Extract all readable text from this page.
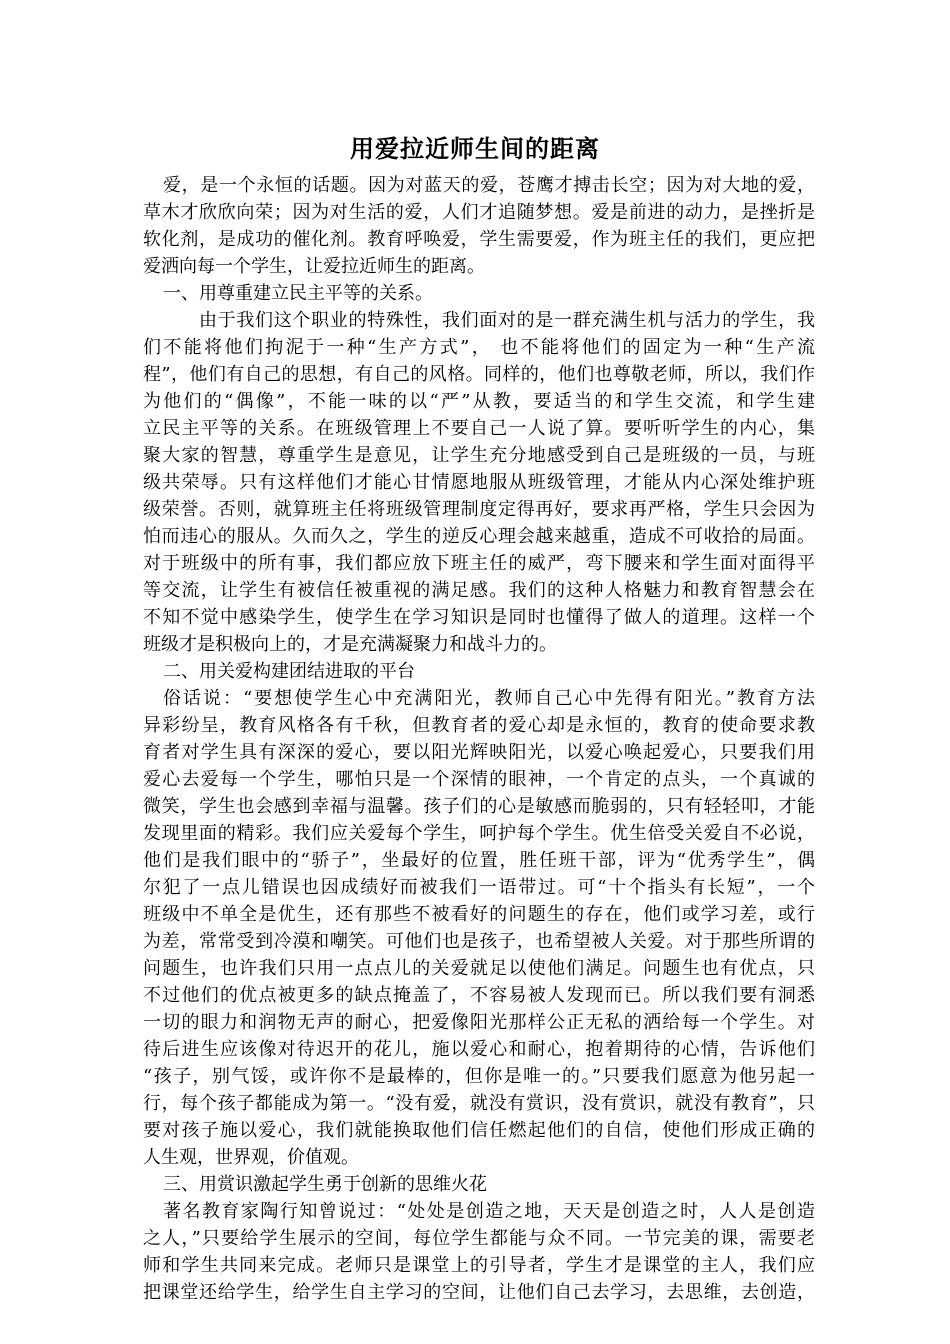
用爱拉近师生间的距离
爱，是一个永恒的话题。因为对蓝天的爱，苍鹰才搏击长空；因为对大地的爱，
草木才欣欣向荣；因为对生活的爱，人们才追随梦想。爱是前进的动力，是挫折是
软化剂，是成功的催化剂。教育呼唤爱，学生需要爱，作为班主任的我们，更应把
爱洒向每一个学生，让爱拉近师生的距离。
一、用尊重建立民主平等的关系。
由于我们这个职业的特殊性，我们面对的是一群充满生机与活力的学生，我
们不能将他们拘泥于一种“生产方式”， 也不能将他们的固定为一种“生产流
程”，他们有自己的思想，有自己的风格。同样的，他们也尊敬老师，所以，我们作
为他们的“偶像”，不能一味的以“严”从教，要适当的和学生交流，和学生建
立民主平等的关系。在班级管理上不要自己一人说了算。要听听学生的内心，集
聚大家的智慧，尊重学生是意见，让学生充分地感受到自己是班级的一员，与班
级共荣辱。只有这样他们才能心甘情愿地服从班级管理，才能从内心深处维护班
级荣誉。否则，就算班主任将班级管理制度定得再好，要求再严格，学生只会因为
怕而违心的服从。久而久之，学生的逆反心理会越来越重，造成不可收拾的局面。
对于班级中的所有事，我们都应放下班主任的威严，弯下腰来和学生面对面得平
等交流，让学生有被信任被重视的满足感。我们的这种人格魅力和教育智慧会在
不知不觉中感染学生，使学生在学习知识是同时也懂得了做人的道理。这样一个
班级才是积极向上的，才是充满凝聚力和战斗力的。
二、用关爱构建团结进取的平台
俗话说：“要想使学生心中充满阳光，教师自己心中先得有阳光。”教育方法
异彩纷呈，教育风格各有千秋，但教育者的爱心却是永恒的，教育的使命要求教
育者对学生具有深深的爱心，要以阳光辉映阳光，以爱心唤起爱心，只要我们用
爱心去爱每一个学生，哪怕只是一个深情的眼神，一个肯定的点头，一个真诚的
微笑，学生也会感到幸福与温馨。孩子们的心是敏感而脆弱的，只有轻轻叩，才能
发现里面的精彩。我们应关爱每个学生，呵护每个学生。优生倍受关爱自不必说，
他们是我们眼中的“骄子”，坐最好的位置，胜任班干部，评为“优秀学生”，偶
尔犯了一点儿错误也因成绩好而被我们一语带过。可“十个指头有长短”，一个
班级中不单全是优生，还有那些不被看好的问题生的存在，他们或学习差，或行
为差，常常受到冷漠和嘲笑。可他们也是孩子，也希望被人关爱。对于那些所谓的
问题生，也许我们只用一点点儿的关爱就足以使他们满足。问题生也有优点，只
不过他们的优点被更多的缺点掩盖了，不容易被人发现而已。所以我们要有洞悉
一切的眼力和润物无声的耐心，把爱像阳光那样公正无私的洒给每一个学生。对
待后进生应该像对待迟开的花儿，施以爱心和耐心，抱着期待的心情，告诉他们
“孩子，别气馁，或许你不是最棒的，但你是唯一的。”只要我们愿意为他另起一
行，每个孩子都能成为第一。“没有爱，就没有赏识，没有赏识，就没有教育”，只
要对孩子施以爱心，我们就能换取他们信任燃起他们的自信，使他们形成正确的
人生观，世界观，价值观。
三、用赏识激起学生勇于创新的思维火花
著名教育家陶行知曾说过：“处处是创造之地，天天是创造之时，人人是创造
之人，”只要给学生展示的空间，每位学生都能与众不同。一节完美的课，需要老
师和学生共同来完成。老师只是课堂上的引导者，学生才是课堂的主人，我们应
把课堂还给学生，给学生自主学习的空间，让他们自己去学习，去思维，去创造，
